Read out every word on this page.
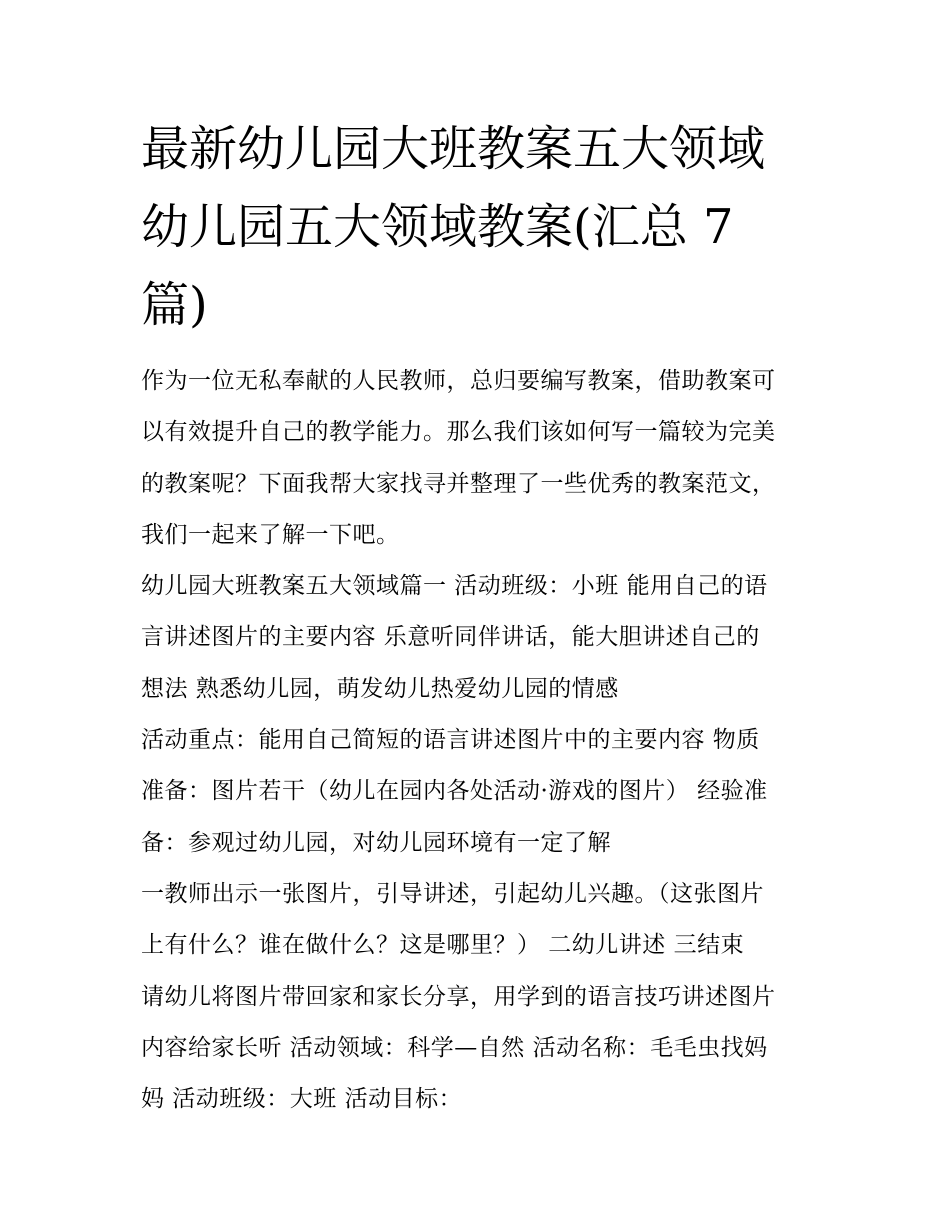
最新幼儿园大班教案五大领域
幼儿园五大领域教案(汇总 7
篇)
作为一位无私奉献的人民教师，总归要编写教案，借助教案可
以有效提升自己的教学能力。那么我们该如何写一篇较为完美
的教案呢？下面我帮大家找寻并整理了一些优秀的教案范文，
我们一起来了解一下吧。
幼儿园大班教案五大领域篇一 活动班级：小班 能用自己的语
言讲述图片的主要内容 乐意听同伴讲话，能大胆讲述自己的
想法 熟悉幼儿园，萌发幼儿热爱幼儿园的情感
活动重点：能用自己简短的语言讲述图片中的主要内容 物质
准备：图片若干（幼儿在园内各处活动·游戏的图片） 经验准
备：参观过幼儿园，对幼儿园环境有一定了解
一教师出示一张图片，引导讲述，引起幼儿兴趣。（这张图片
上有什么？谁在做什么？这是哪里？） 二幼儿讲述 三结束
请幼儿将图片带回家和家长分享，用学到的语言技巧讲述图片
内容给家长听 活动领域：科学—自然 活动名称：毛毛虫找妈
妈 活动班级：大班 活动目标：
